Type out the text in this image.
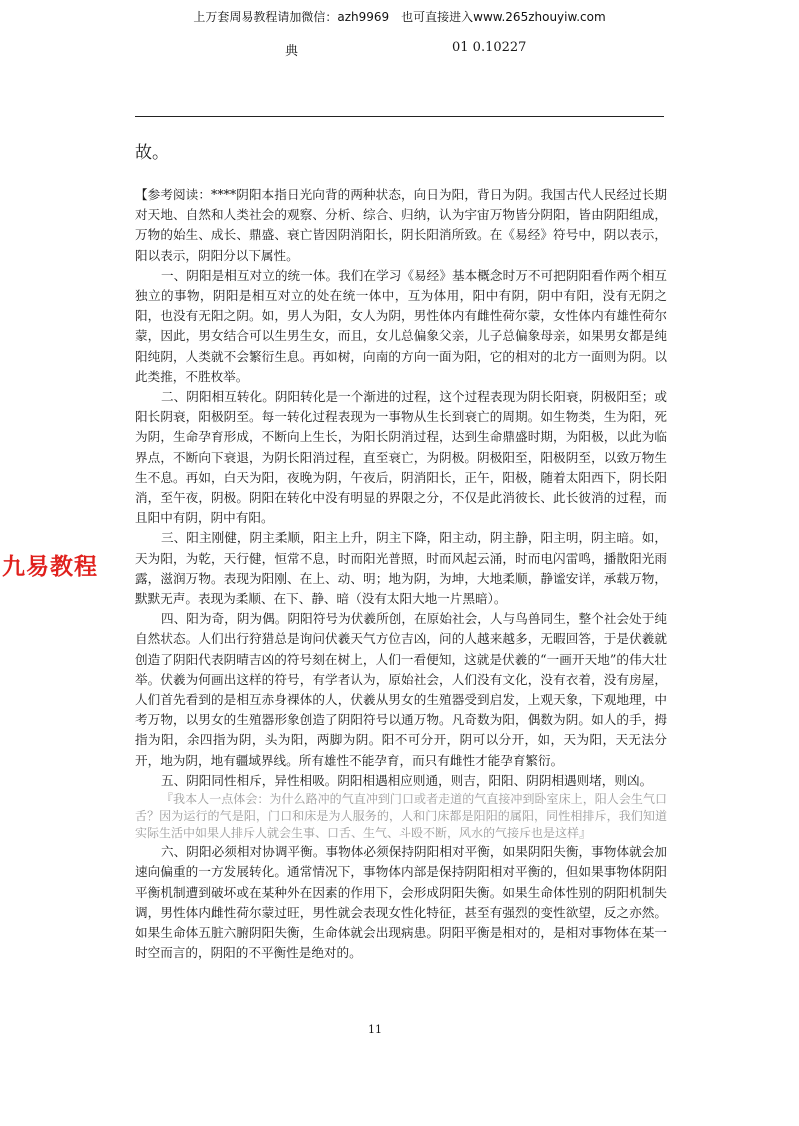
上万套周易教程请加微信：azh9969　也可直接进入www.265zhouyiw.com
典	01 0.10227
故。

【参考阅读：****阴阳本指日光向背的两种状态，向日为阳，背日为阴。我国古代人民经过长期对天地、自然和人类社会的观察、分析、综合、归纳，认为宇宙万物皆分阴阳，皆由阴阳组成，万物的始生、成长、鼎盛、衰亡皆因阴消阳长，阴长阳消所致。在《易经》符号中，阴以表示，阳以表示，阴阳分以下属性。

一、阴阳是相互对立的统一体。我们在学习《易经》基本概念时万不可把阴阳看作两个相互独立的事物，阴阳是相互对立的处在统一体中，互为体用，阳中有阴，阴中有阳，没有无阴之阳，也没有无阳之阴。如，男人为阳，女人为阴，男性体内有雌性荷尔蒙，女性体内有雄性荷尔蒙，因此，男女结合可以生男生女，而且，女儿总偏象父亲，儿子总偏象母亲，如果男女都是纯阳纯阴，人类就不会繁衍生息。再如树，向南的方向一面为阳，它的相对的北方一面则为阴。以此类推，不胜枚举。

二、阴阳相互转化。阴阳转化是一个渐进的过程，这个过程表现为阴长阳衰，阴极阳至；或阳长阴衰，阳极阴至。每一转化过程表现为一事物从生长到衰亡的周期。如生物类，生为阳，死为阴，生命孕育形成，不断向上生长，为阳长阴消过程，达到生命鼎盛时期，为阳极，以此为临界点，不断向下衰退，为阴长阳消过程，直至衰亡，为阴极。阴极阳至，阳极阴至，以致万物生生不息。再如，白天为阳，夜晚为阴，午夜后，阴消阳长，正午，阳极，随着太阳西下，阴长阳消，至午夜，阴极。阴阳在转化中没有明显的界限之分，不仅是此消彼长、此长彼消的过程，而且阳中有阴，阴中有阳。

三、阳主刚健，阴主柔顺，阳主上升，阴主下降，阳主动，阴主静，阳主明，阴主暗。如，天为阳，为乾，天行健，恒常不息，时而阳光普照，时而风起云涌，时而电闪雷鸣，播散阳光雨露，滋润万物。表现为阳刚、在上、动、明；地为阴，为坤，大地柔顺，静谧安详，承载万物，默默无声。表现为柔顺、在下、静、暗（没有太阳大地一片黑暗）。

四、阳为奇，阴为偶。阴阳符号为伏羲所创，在原始社会，人与鸟兽同生，整个社会处于纯自然状态。人们出行狩猎总是询问伏羲天气方位吉凶，问的人越来越多，无暇回答，于是伏羲就创造了阴阳代表阴晴吉凶的符号刻在树上，人们一看便知，这就是伏羲的“一画开天地”的伟大壮举。伏羲为何画出这样的符号，有学者认为，原始社会，人们没有文化，没有衣着，没有房屋，人们首先看到的是相互赤身裸体的人，伏羲从男女的生殖器受到启发，上观天象，下观地理，中考万物，以男女的生殖器形象创造了阴阳符号以通万物。凡奇数为阳，偶数为阴。如人的手，拇指为阳，余四指为阴，头为阳，两脚为阴。阳不可分开，阴可以分开，如，天为阳，天无法分开，地为阴，地有疆域界线。所有雄性不能孕育，而只有雌性才能孕育繁衍。

五、阴阳同性相斥，异性相吸。阴阳相遇相应则通，则吉，阳阳、阴阴相遇则堵，则凶。

『我本人一点体会：为什么路冲的气直冲到门口或者走道的气直接冲到卧室床上，阳人会生气口舌？因为运行的气是阳，门口和床是为人服务的，人和门床都是阳阳的属阳，同性相排斥，我们知道实际生活中如果人排斥人就会生事、口舌、生气、斗殴不断，风水的气接斥也是这样』

六、阴阳必须相对协调平衡。事物体必须保持阴阳相对平衡，如果阴阳失衡，事物体就会加速向偏重的一方发展转化。通常情况下，事物体内部是保持阴阳相对平衡的，但如果事物体阴阳平衡机制遭到破坏或在某种外在因素的作用下，会形成阴阳失衡。如果生命体性别的阴阳机制失调，男性体内雌性荷尔蒙过旺，男性就会表现女性化特征，甚至有强烈的变性欲望，反之亦然。如果生命体五脏六腑阴阳失衡，生命体就会出现病患。阴阳平衡是相对的，是相对事物体在某一时空而言的，阴阳的不平衡性是绝对的。

九易教程
11
